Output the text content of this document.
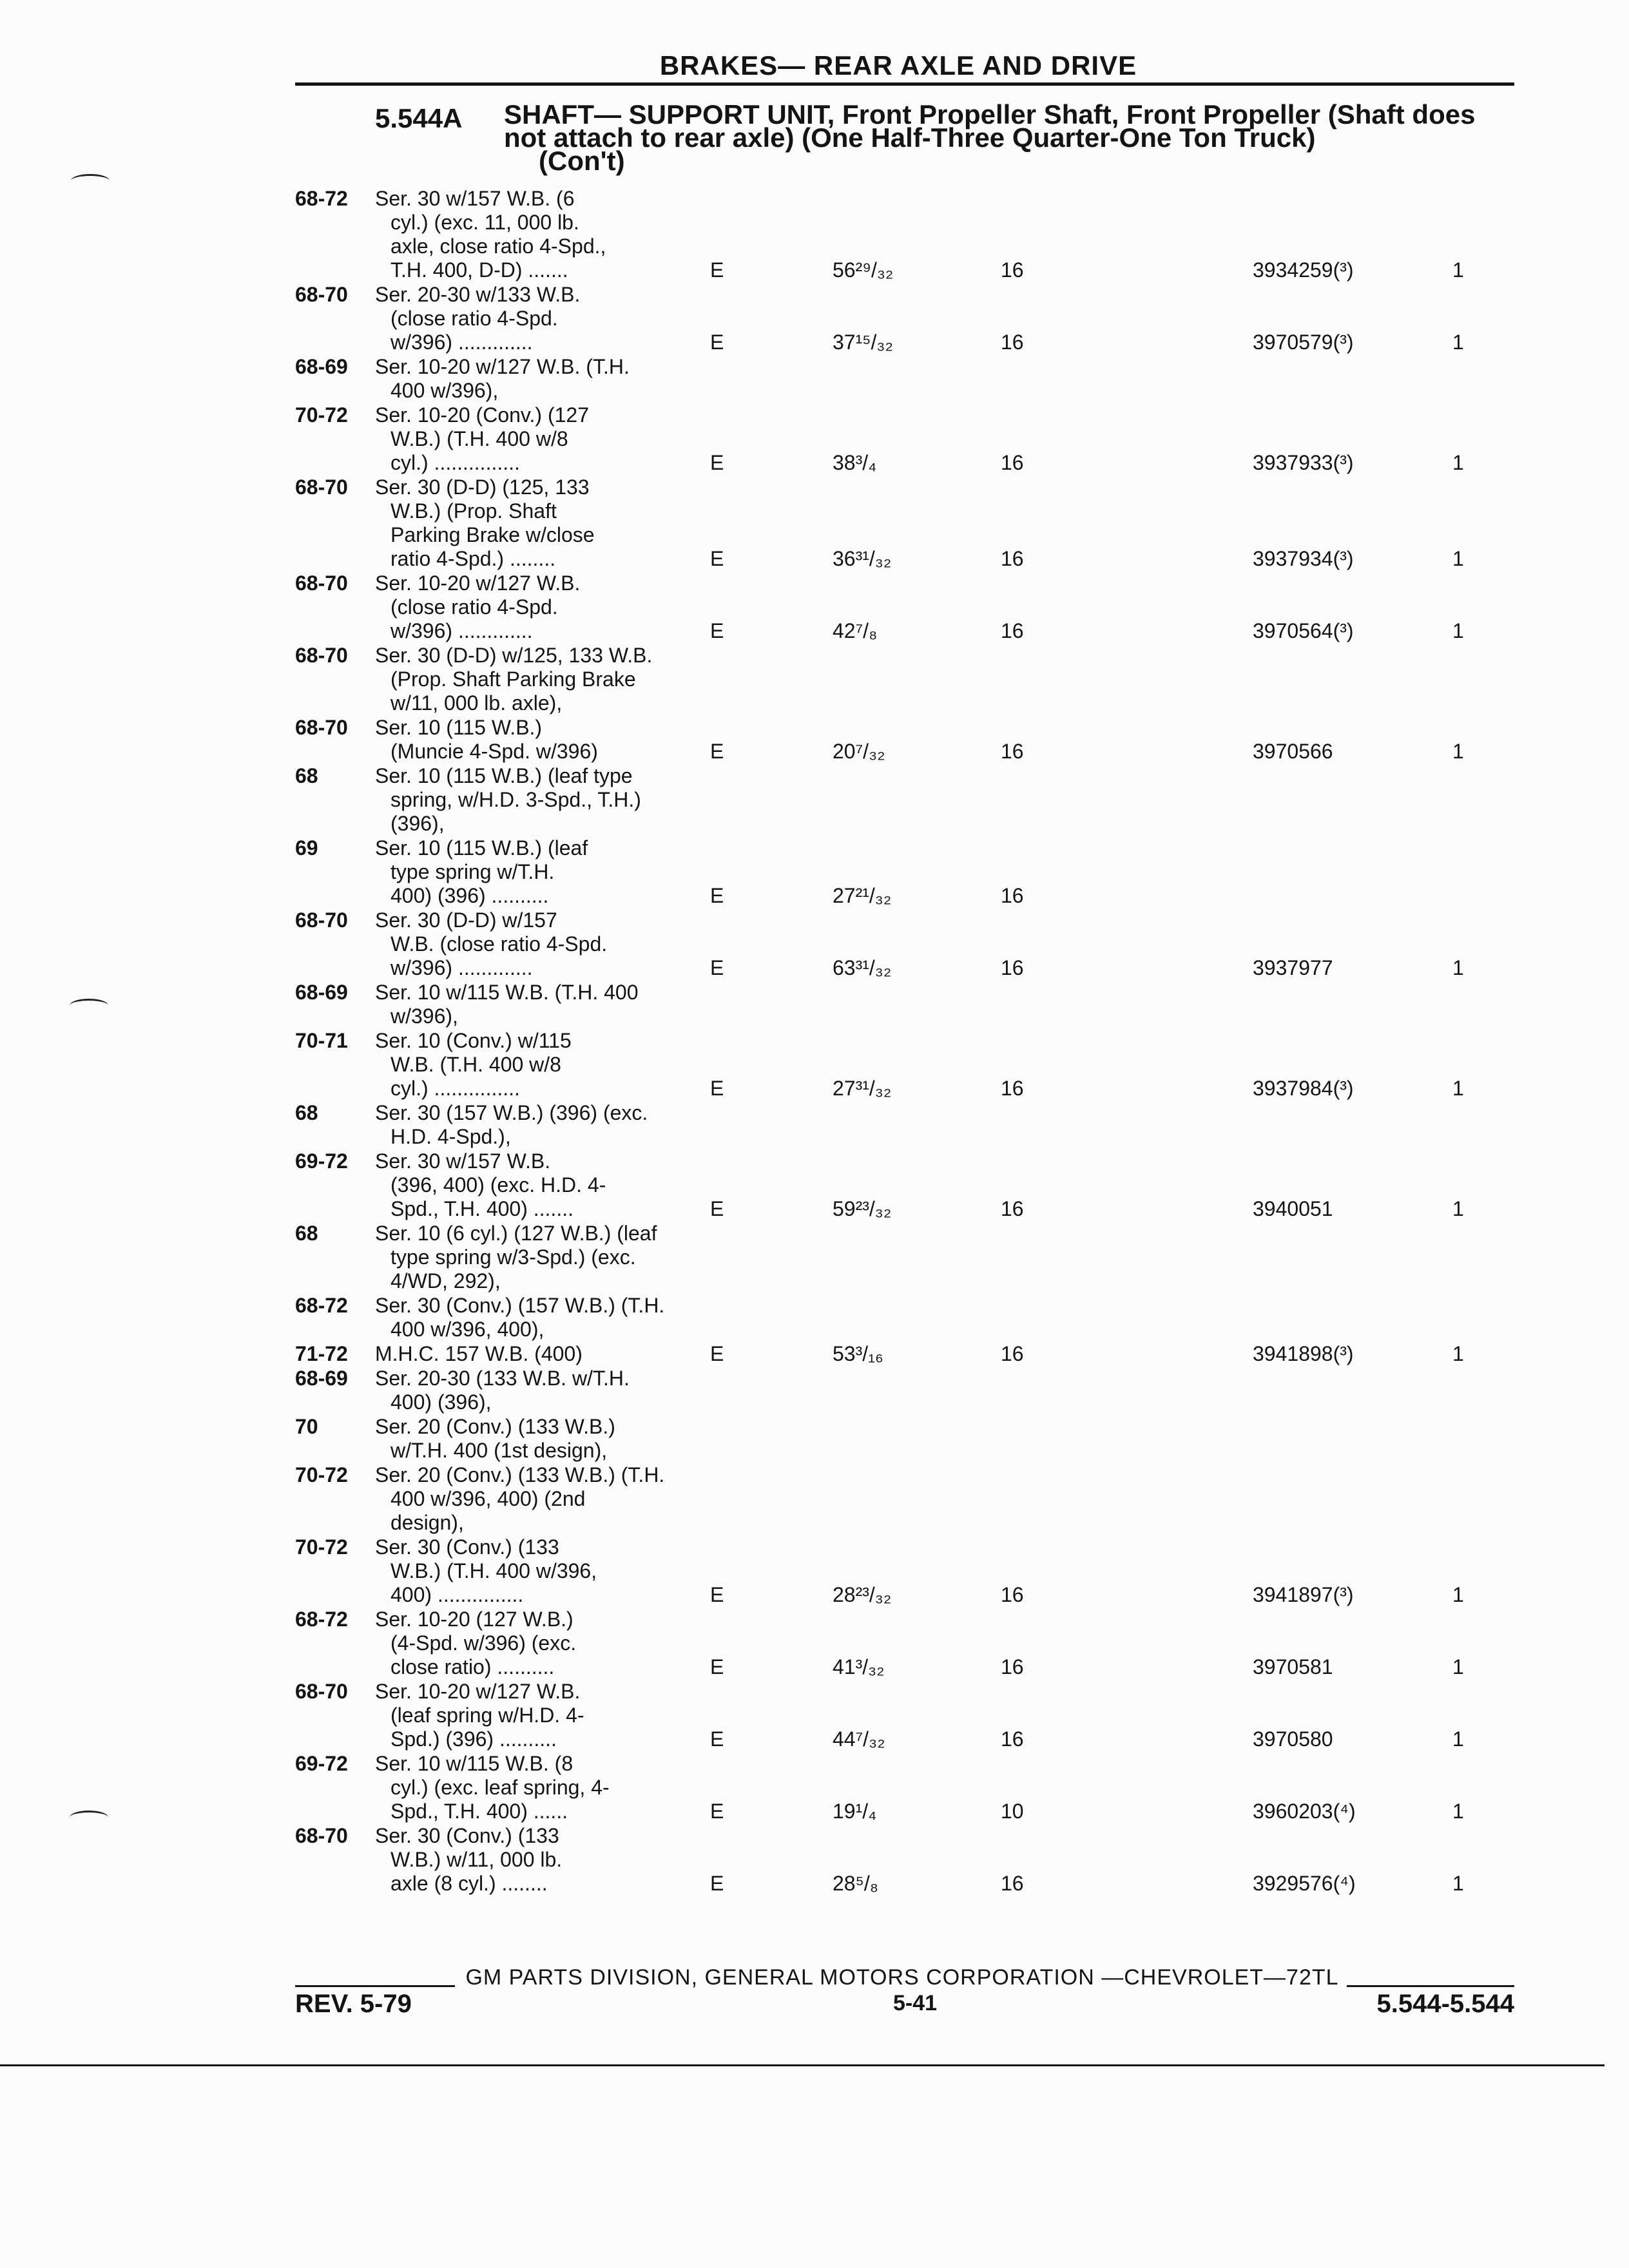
BRAKES— REAR AXLE AND DRIVE
5.544A SHAFT— SUPPORT UNIT, Front Propeller Shaft, Front Propeller (Shaft does not attach to rear axle) (One Half-Three Quarter-One Ton Truck)
(Con't)
68-72 Ser. 30 w/157 W.B. (6
cyl.) (exc. 11, 000 lb.
axle, close ratio 4-Spd.,
T.H. 400, D-D) .......	E	56²⁹/₃₂	16	3934259(³)	1
68-70 Ser. 20-30 w/133 W.B.
(close ratio 4-Spd.
w/396) .............	E	37¹⁵/₃₂	16	3970579(³)	1
68-69 Ser. 10-20 w/127 W.B. (T.H.
400 w/396),
70-72 Ser. 10-20 (Conv.) (127
W.B.) (T.H. 400 w/8
cyl.) ...............	E	38³/₄	16	3937933(³)	1
68-70 Ser. 30 (D-D) (125, 133
W.B.) (Prop. Shaft
Parking Brake w/close
ratio 4-Spd.) ........	E	36³¹/₃₂	16	3937934(³)	1
68-70 Ser. 10-20 w/127 W.B.
(close ratio 4-Spd.
w/396) .............	E	42⁷/₈	16	3970564(³)	1
68-70 Ser. 30 (D-D) w/125, 133 W.B.
(Prop. Shaft Parking Brake
w/11, 000 lb. axle),
68-70 Ser. 10 (115 W.B.)
(Muncie 4-Spd. w/396)	E	20⁷/₃₂	16	3970566	1
68	Ser. 10 (115 W.B.) (leaf type
spring, w/H.D. 3-Spd., T.H.)
(396),
69	Ser. 10 (115 W.B.) (leaf
type spring w/T.H.
400) (396) ..........	E	27²¹/₃₂	16
68-70 Ser. 30 (D-D) w/157
W.B. (close ratio 4-Spd.
w/396) .............	E	63³¹/₃₂	16	3937977	1
68-69 Ser. 10 w/115 W.B. (T.H. 400
w/396),
70-71 Ser. 10 (Conv.) w/115
W.B. (T.H. 400 w/8
cyl.) ...............	E	27³¹/₃₂	16	3937984(³)	1
68	Ser. 30 (157 W.B.) (396) (exc.
H.D. 4-Spd.),
69-72 Ser. 30 w/157 W.B.
(396, 400) (exc. H.D. 4-
Spd., T.H. 400) .......	E	59²³/₃₂	16	3940051	1
68	Ser. 10 (6 cyl.) (127 W.B.) (leaf
type spring w/3-Spd.) (exc.
4/WD, 292),
68-72 Ser. 30 (Conv.) (157 W.B.) (T.H.
400 w/396, 400),
71-72 M.H.C. 157 W.B. (400)	E	53³/₁₆	16	3941898(³)	1
68-69 Ser. 20-30 (133 W.B. w/T.H.
400) (396),
70	Ser. 20 (Conv.) (133 W.B.)
w/T.H. 400 (1st design),
70-72 Ser. 20 (Conv.) (133 W.B.) (T.H.
400 w/396, 400) (2nd
design),
70-72 Ser. 30 (Conv.) (133
W.B.) (T.H. 400 w/396,
400) ...............	E	28²³/₃₂	16	3941897(³)	1
68-72 Ser. 10-20 (127 W.B.)
(4-Spd. w/396) (exc.
close ratio) ..........	E	41³/₃₂	16	3970581	1
68-70 Ser. 10-20 w/127 W.B.
(leaf spring w/H.D. 4-
Spd.) (396) ..........	E	44⁷/₃₂	16	3970580	1
69-72 Ser. 10 w/115 W.B. (8
cyl.) (exc. leaf spring, 4-
Spd., T.H. 400) ......	E	19¹/₄	10	3960203(⁴)	1
68-70 Ser. 30 (Conv.) (133
W.B.) w/11, 000 lb.
axle (8 cyl.) ........	E	28⁵/₈	16	3929576(⁴)	1
GM PARTS DIVISION, GENERAL MOTORS CORPORATION —CHEVROLET—72TL
REV. 5-79	5-41	5.544-5.544
